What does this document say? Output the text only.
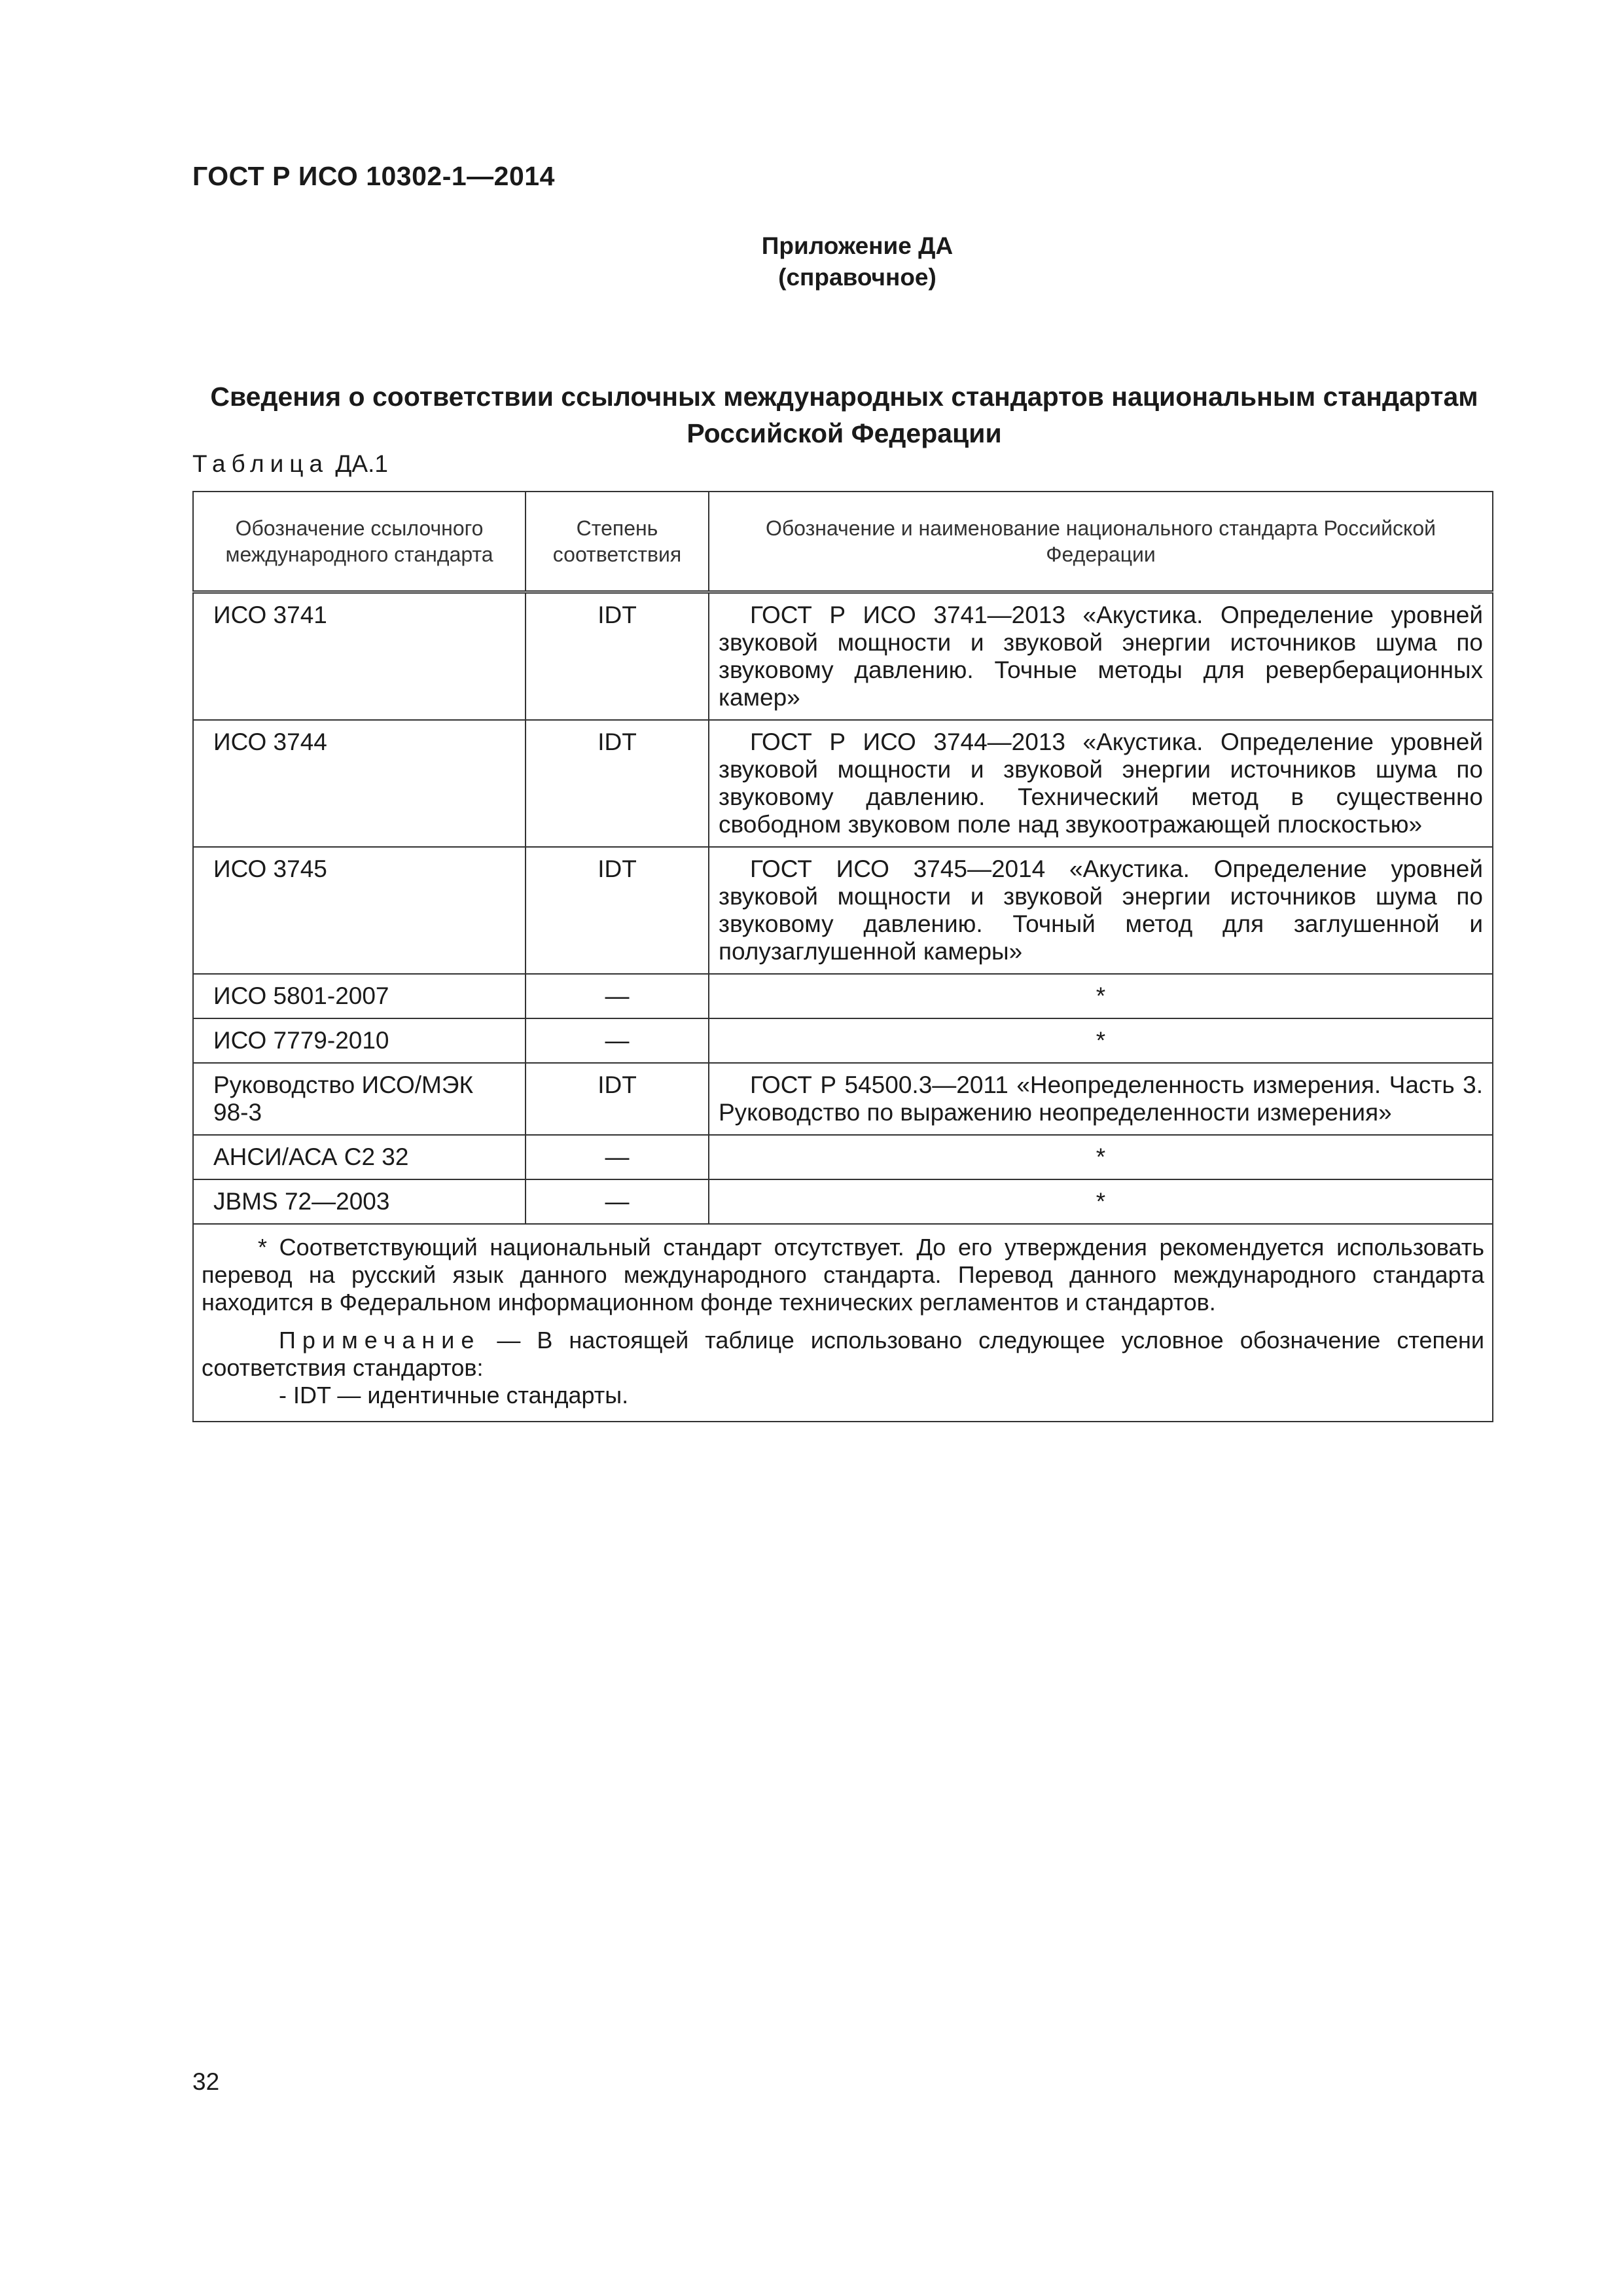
ГОСТ Р ИСО 10302-1—2014
Приложение ДА
(справочное)
Сведения о соответствии ссылочных международных стандартов национальным стандартам
Российской Федерации
Таблица ДА.1
Обозначение ссылочного международного стандарта	Степень соответствия	Обозначение и наименование национального стандарта Российской Федерации
ИСО 3741	IDT	ГОСТ Р ИСО 3741—2013 «Акустика. Определение уровней звуковой мощности и звуковой энергии источников шума по звуковому давлению. Точные методы для реверберационных камер»
ИСО 3744	IDT	ГОСТ Р ИСО 3744—2013 «Акустика. Определение уровней звуковой мощности и звуковой энергии источников шума по звуковому давлению. Технический метод в существенно свободном звуковом поле над звукоотражающей плоскостью»
ИСО 3745	IDT	ГОСТ ИСО 3745—2014 «Акустика. Определение уровней звуковой мощности и звуковой энергии источников шума по звуковому давлению. Точный метод для заглушенной и полузаглушенной камеры»
ИСО 5801-2007	—	*
ИСО 7779-2010	—	*
Руководство ИСО/МЭК 98-3	IDT	ГОСТ Р 54500.3—2011 «Неопределенность измерения. Часть 3. Руководство по выражению неопределенности измерения»
АНСИ/АСА С2 32	—	*
JBMS 72—2003	—	*

* Соответствующий национальный стандарт отсутствует. До его утверждения рекомендуется использовать перевод на русский язык данного международного стандарта. Перевод данного международного стандарта находится в Федеральном информационном фонде технических регламентов и стандартов.

Примечание — В настоящей таблице использовано следующее условное обозначение степени соответствия стандартов:

- IDT — идентичные стандарты.		

32
